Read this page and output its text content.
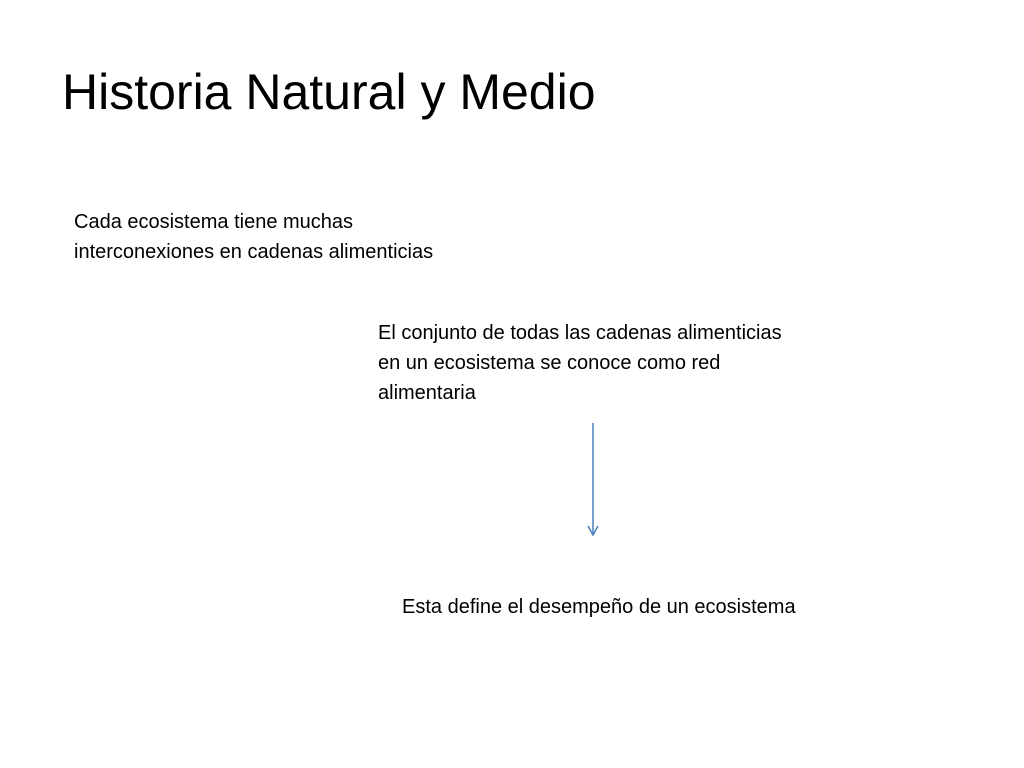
Historia Natural y Medio
Cada ecosistema tiene muchas
interconexiones en cadenas alimenticias
El conjunto de todas las cadenas alimenticias
en un ecosistema se conoce como red
alimentaria
Esta define el desempeño de un ecosistema
